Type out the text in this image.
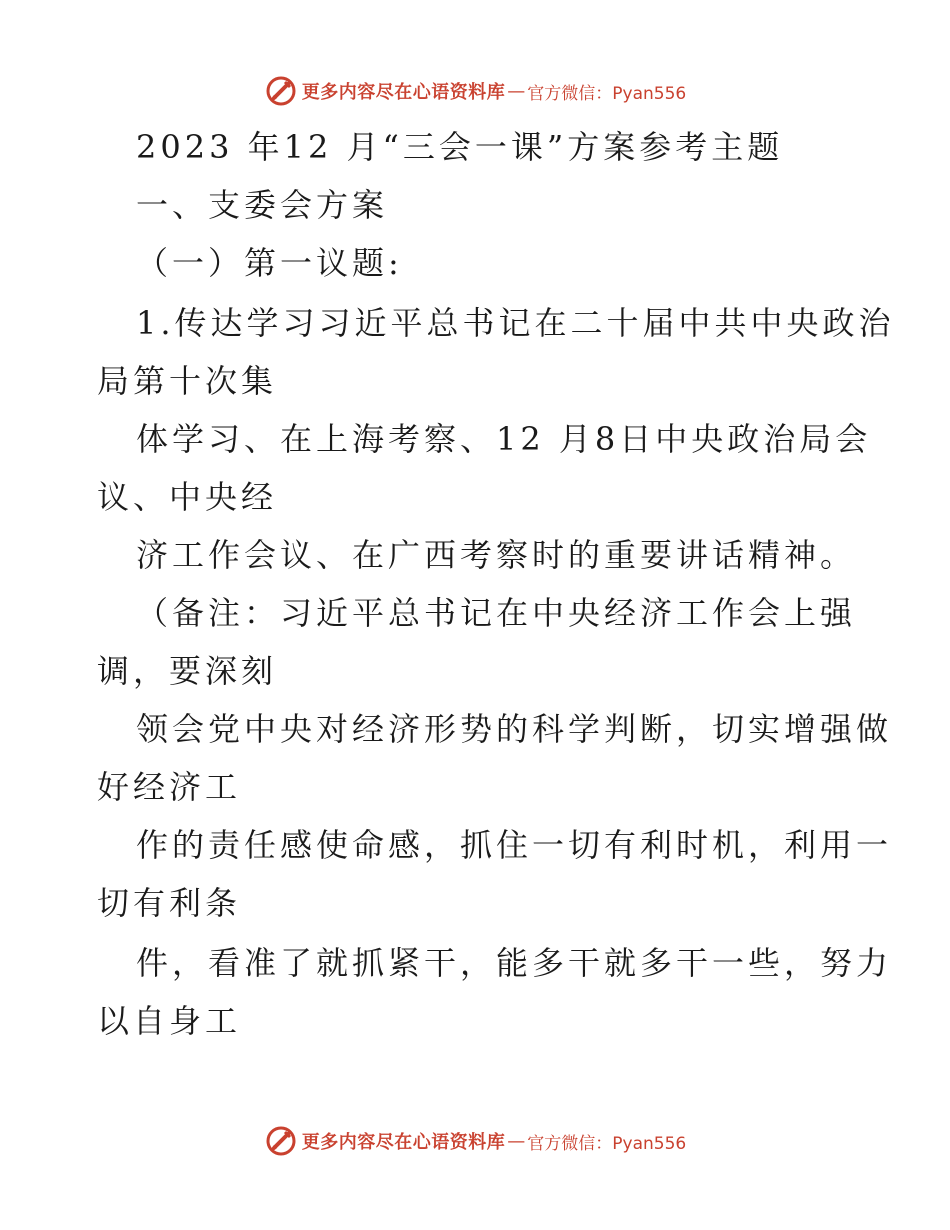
更多内容尽在心语资料库 — 官方微信：Pyan556
2023 年12 月“三会一课”方案参考主题
一、支委会方案
（一）第一议题:
1.传达学习习近平总书记在二十届中共中央政治
局第十次集
体学习、在上海考察、12 月8日中央政治局会
议、中央经
济工作会议、在广西考察时的重要讲话精神。
（备注：习近平总书记在中央经济工作会上强
调，要深刻
领会党中央对经济形势的科学判断，切实增强做
好经济工
作的责任感使命感，抓住一切有利时机，利用一
切有利条
件，看准了就抓紧干，能多干就多干一些，努力
以自身工
更多内容尽在心语资料库 — 官方微信：Pyan556
